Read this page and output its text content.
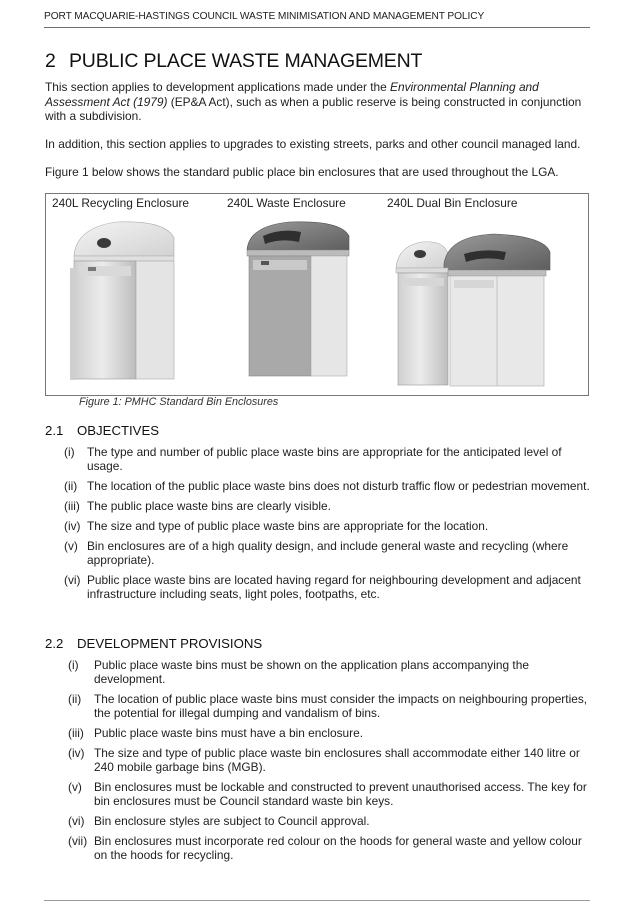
PORT MACQUARIE-HASTINGS COUNCIL WASTE MINIMISATION AND MANAGEMENT POLICY
2 PUBLIC PLACE WASTE MANAGEMENT
This section applies to development applications made under the Environmental Planning and Assessment Act (1979) (EP&A Act), such as when a public reserve is being constructed in conjunction with a subdivision.
In addition, this section applies to upgrades to existing streets, parks and other council managed land.
Figure 1 below shows the standard public place bin enclosures that are used throughout the LGA.
240L Recycling Enclosure	240L Waste Enclosure	240L Dual Bin Enclosure
Figure 1: PMHC Standard Bin Enclosures
2.1 OBJECTIVES
(i)	The type and number of public place waste bins are appropriate for the anticipated level of usage.
(ii) The location of the public place waste bins does not disturb traffic flow or pedestrian movement.
(iii) The public place waste bins are clearly visible.
(iv) The size and type of public place waste bins are appropriate for the location.
(v) Bin enclosures are of a high quality design, and include general waste and recycling (where appropriate).
(vi) Public place waste bins are located having regard for neighbouring development and adjacent infrastructure including seats, light poles, footpaths, etc.
2.2 DEVELOPMENT PROVISIONS
(i)	Public place waste bins must be shown on the application plans accompanying the development.
(ii)	The location of public place waste bins must consider the impacts on neighbouring properties, the potential for illegal dumping and vandalism of bins.
(iii) Public place waste bins must have a bin enclosure.
(iv) The size and type of public place waste bin enclosures shall accommodate either 140 litre or 240 mobile garbage bins (MGB).
(v)	Bin enclosures must be lockable and constructed to prevent unauthorised access. The key for bin enclosures must be Council standard waste bin keys.
(vi) Bin enclosure styles are subject to Council approval.
(vii) Bin enclosures must incorporate red colour on the hoods for general waste and yellow colour on the hoods for recycling.
